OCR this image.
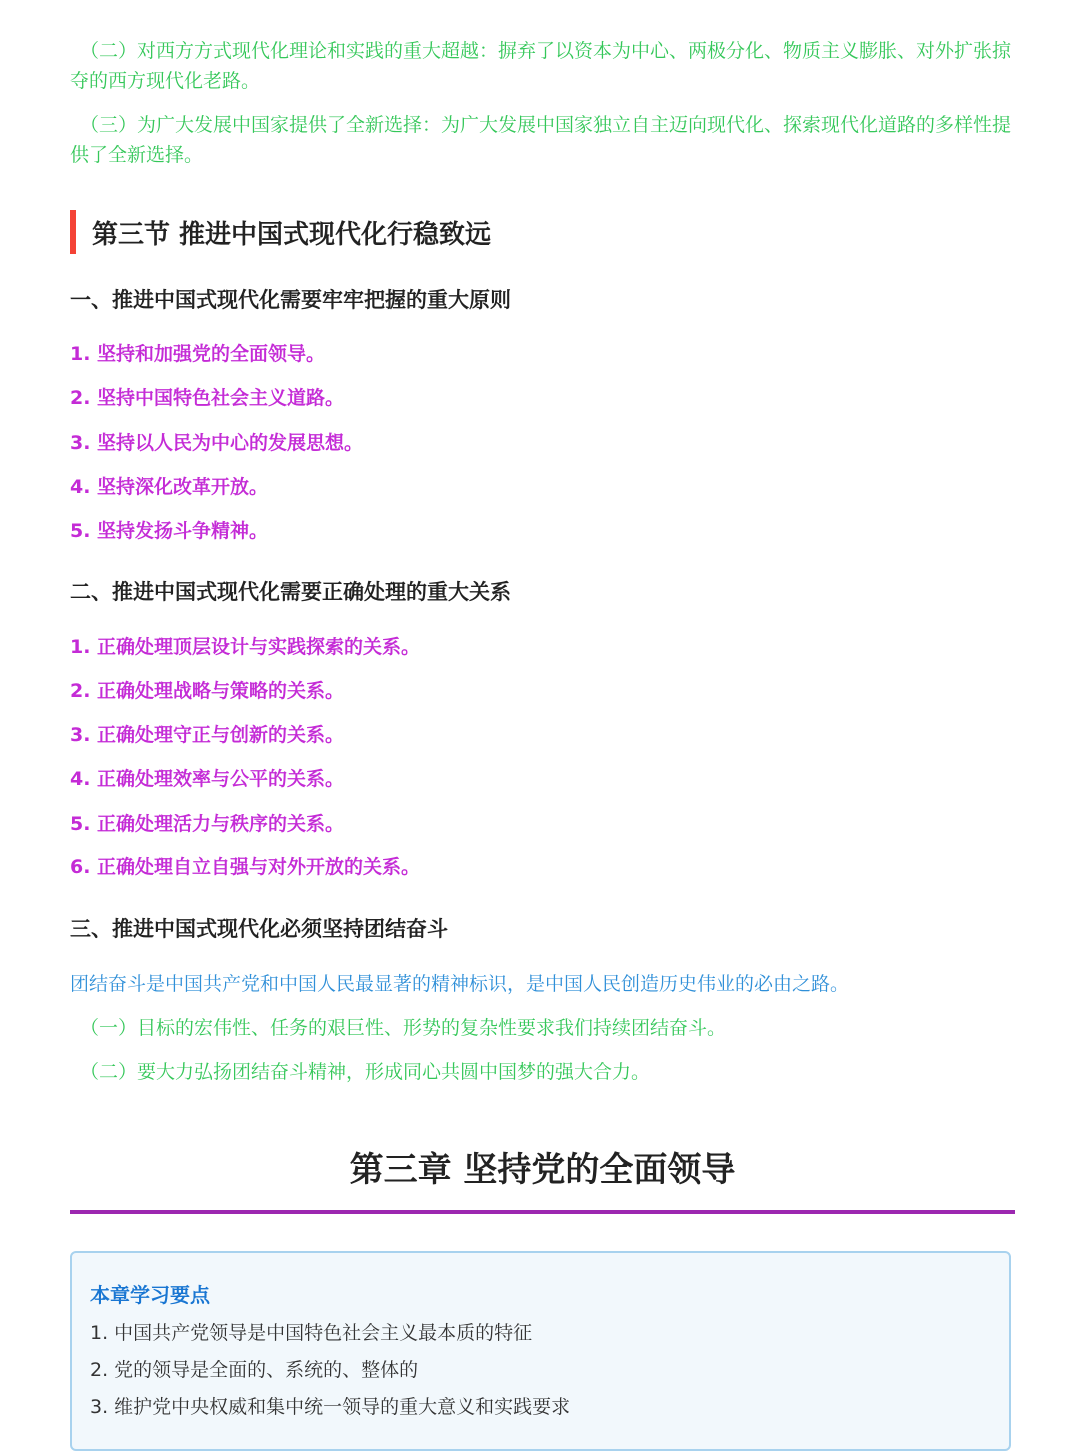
（二）对西方方式现代化理论和实践的重大超越：摒弃了以资本为中心、两极分化、物质主义膨胀、对外扩张掠夺的西方现代化老路。

（三）为广大发展中国家提供了全新选择：为广大发展中国家独立自主迈向现代化、探索现代化道路的多样性提供了全新选择。

第三节 推进中国式现代化行稳致远
一、推进中国式现代化需要牢牢把握的重大原则

1. 坚持和加强党的全面领导。

2. 坚持中国特色社会主义道路。

3. 坚持以人民为中心的发展思想。

4. 坚持深化改革开放。

5. 坚持发扬斗争精神。

二、推进中国式现代化需要正确处理的重大关系

1. 正确处理顶层设计与实践探索的关系。

2. 正确处理战略与策略的关系。

3. 正确处理守正与创新的关系。

4. 正确处理效率与公平的关系。

5. 正确处理活力与秩序的关系。

6. 正确处理自立自强与对外开放的关系。

三、推进中国式现代化必须坚持团结奋斗

团结奋斗是中国共产党和中国人民最显著的精神标识，是中国人民创造历史伟业的必由之路。

（一）目标的宏伟性、任务的艰巨性、形势的复杂性要求我们持续团结奋斗。

（二）要大力弘扬团结奋斗精神，形成同心共圆中国梦的强大合力。

第三章 坚持党的全面领导
本章学习要点

1. 中国共产党领导是中国特色社会主义最本质的特征

2. 党的领导是全面的、系统的、整体的

3. 维护党中央权威和集中统一领导的重大意义和实践要求
